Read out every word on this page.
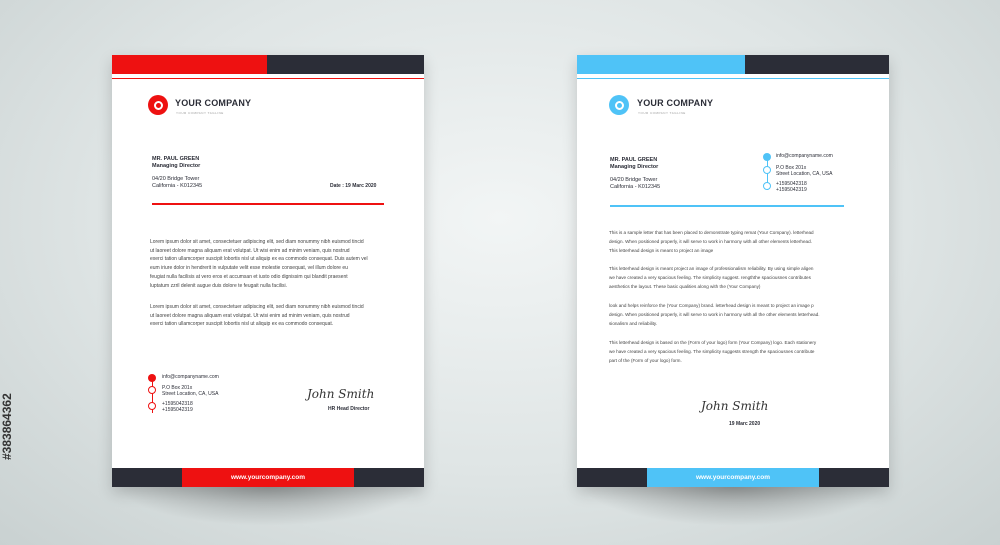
#383864362
YOUR COMPANY
YOUR COMPANY TAGLINE
MR. PAUL GREEN
Managing Director
04/20 Bridge Tower
California - K012345	Date : 19 Marc 2020
Lorem ipsum dolor sit amet, consectetuer adipiscing elit, sed diam nonummy nibh euismod tincid
ut laoreet dolore magna aliquam erat volutpat. Ut wisi enim ad minim veniam, quis nostrud
exerci tation ullamcorper suscipit lobortis nisl ut aliquip ex ea commodo consequat. Duis autem vel
eum iriure dolor in hendrerit in vulputate velit esse molestie consequat, vel illum dolore eu
feugiat nulla facilisis at vero eros et accumsan et iusto odio dignissim qui blandit praesent
luptatum zzril delenit augue duis dolore te feugait nulla facilisi.
Lorem ipsum dolor sit amet, consectetuer adipiscing elit, sed diam nonummy nibh euismod tincid
ut laoreet dolore magna aliquam erat volutpat. Ut wisi enim ad minim veniam, quis nostrud
exerci tation ullamcorper suscipit lobortis nisl ut aliquip ex ea commodo consequat.
info@companyname.com
P.O Box 201x
Street Location, CA, USA
+1595042318
+1595042319
John Smith
HR Head Director
www.yourcompany.com
YOUR COMPANY
YOUR COMPANY TAGLINE
MR. PAUL GREEN
Managing Director
04/20 Bridge Tower
California - K012345
info@companyname.com
P.O Box 201x
Street Location, CA, USA
+1595042318
+1595042319
This is a sample letter that has been placed to demonstrate typing remat (Your Company). letterhead
design. When positioned properly, it will serve to work in harmony with all other elements letterhead.
This letterhead design is meant to project an image
This letterhead design is meant project an image of professionalism reliability. By using simple aligen
we have created a very spacious feeling. The simplicity suggest. rengththe spaciousnes contributes
aesthetics the layout. These basic qualities along with the (Your Company)
look and helps reinforce the (Your Company) brand. letterhead design is meant to project an image p
design. When positioned properly, it will serve to work in harmony with all the other elements letterhead.
sionalism and reliability.
This letterhead design is based on the (Form of your logo) form (Your Company) logo. Each stationery
we have created a very spacious feeling. The simplicity suggests strength the spaciousnes contribute
part of the (Form of your logo) form.
John Smith
19 Marc 2020
www.yourcompany.com
